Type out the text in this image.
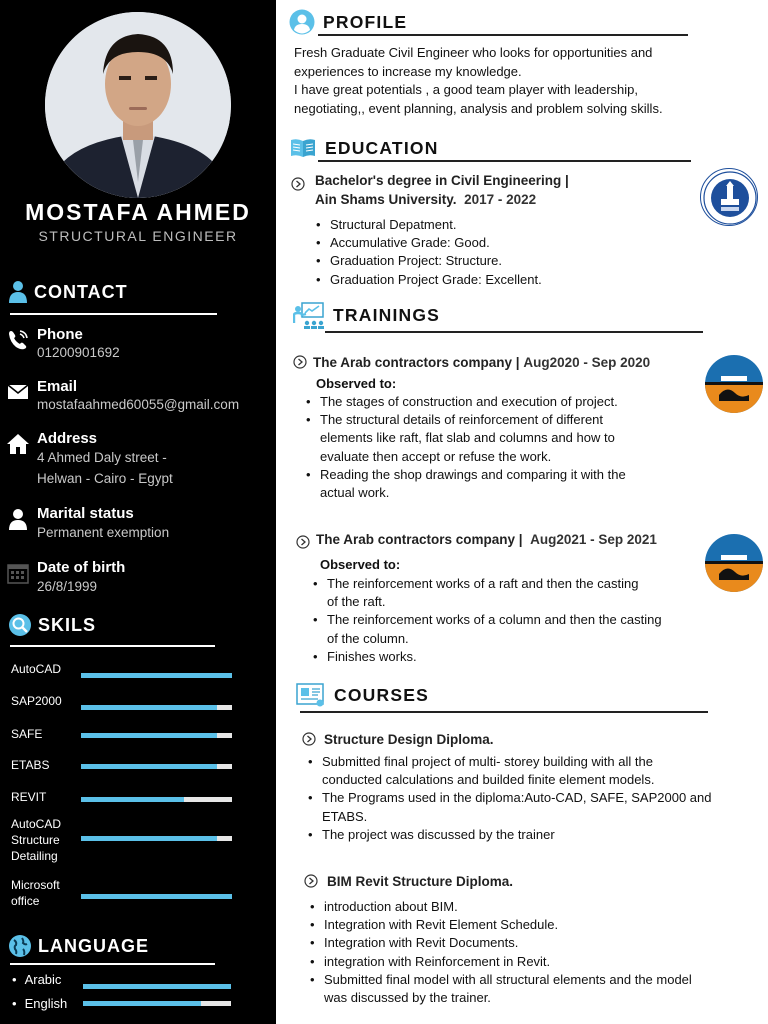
MOSTAFA AHMED
STRUCTURAL ENGINEER
CONTACT
Phone
01200901692
Email
mostafaahmed60055@gmail.com
Address
4 Ahmed Daly street -
Helwan - Cairo - Egypt
Marital status
Permanent exemption
Date of birth
26/8/1999
SKILS
AutoCAD
SAP2000
SAFE
ETABS
REVIT
AutoCAD
Structure
Detailing
Microsoft
office
LANGUAGE
• Arabic
• English
PROFILE
Fresh Graduate Civil Engineer who looks for opportunities and
experiences to increase my knowledge.
I have great potentials , a good team player with leadership,
negotiating,, event planning, analysis and problem solving skills.
EDUCATION
Bachelor's degree in Civil Engineering |
Ain Shams University. 2017 - 2022
• Structural Depatment.
• Accumulative Grade: Good.
• Graduation Project: Structure.
• Graduation Project Grade: Excellent.
TRAININGS
The Arab contractors company | Aug2020 - Sep 2020
Observed to:
• The stages of construction and execution of project.
• The structural details of reinforcement of different
elements like raft, flat slab and columns and how to
evaluate then accept or refuse the work.
• Reading the shop drawings and comparing it with the
actual work.
The Arab contractors company | Aug2021 - Sep 2021
Observed to:
• The reinforcement works of a raft and then the casting
of the raft.
• The reinforcement works of a column and then the casting
of the column.
• Finishes works.
COURSES
Structure Design Diploma.
• Submitted final project of multi- storey building with all the
conducted calculations and builded finite element models.
• The Programs used in the diploma:Auto-CAD, SAFE, SAP2000 and
ETABS.
• The project was discussed by the trainer
BIM Revit Structure Diploma.
• introduction about BIM.
• Integration with Revit Element Schedule.
• Integration with Revit Documents.
• integration with Reinforcement in Revit.
• Submitted final model with all structural elements and the model
was discussed by the trainer.
